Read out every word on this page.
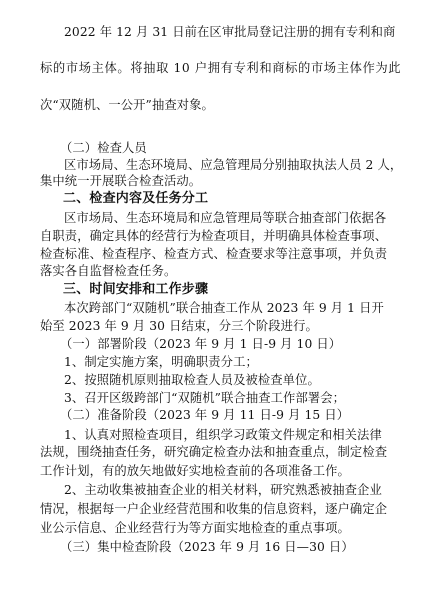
2022 年 12 月 31 日前在区审批局登记注册的拥有专利和商
标的市场主体。将抽取 10 户拥有专利和商标的市场主体作为此
次“双随机、一公开”抽查对象。
（二）检查人员
区市场局、生态环境局、应急管理局分别抽取执法人员 2 人，
集中统一开展联合检查活动。
二、检查内容及任务分工
区市场局、生态环境局和应急管理局等联合抽查部门依据各
自职责，确定具体的经营行为检查项目，并明确具体检查事项、
检查标准、检查程序、检查方式、检查要求等注意事项，并负责
落实各自监督检查任务。
三、时间安排和工作步骤
本次跨部门“双随机”联合抽查工作从 2023 年 9 月 1 日开
始至 2023 年 9 月 30 日结束，分三个阶段进行。
（一）部署阶段（2023 年 9 月 1 日-9 月 10 日）
1、制定实施方案，明确职责分工；
2、按照随机原则抽取检查人员及被检查单位。
3、召开区级跨部门“双随机”联合抽查工作部署会；
（二）准备阶段（2023 年 9 月 11 日-9 月 15 日）
1、认真对照检查项目，组织学习政策文件规定和相关法律
法规，围绕抽查任务，研究确定检查办法和抽查重点，制定检查
工作计划，有的放矢地做好实地检查前的各项准备工作。
2、主动收集被抽查企业的相关材料，研究熟悉被抽查企业
情况，根据每一户企业经营范围和收集的信息资料，逐户确定企
业公示信息、企业经营行为等方面实地检查的重点事项。
（三）集中检查阶段（2023 年 9 月 16 日—30 日）
